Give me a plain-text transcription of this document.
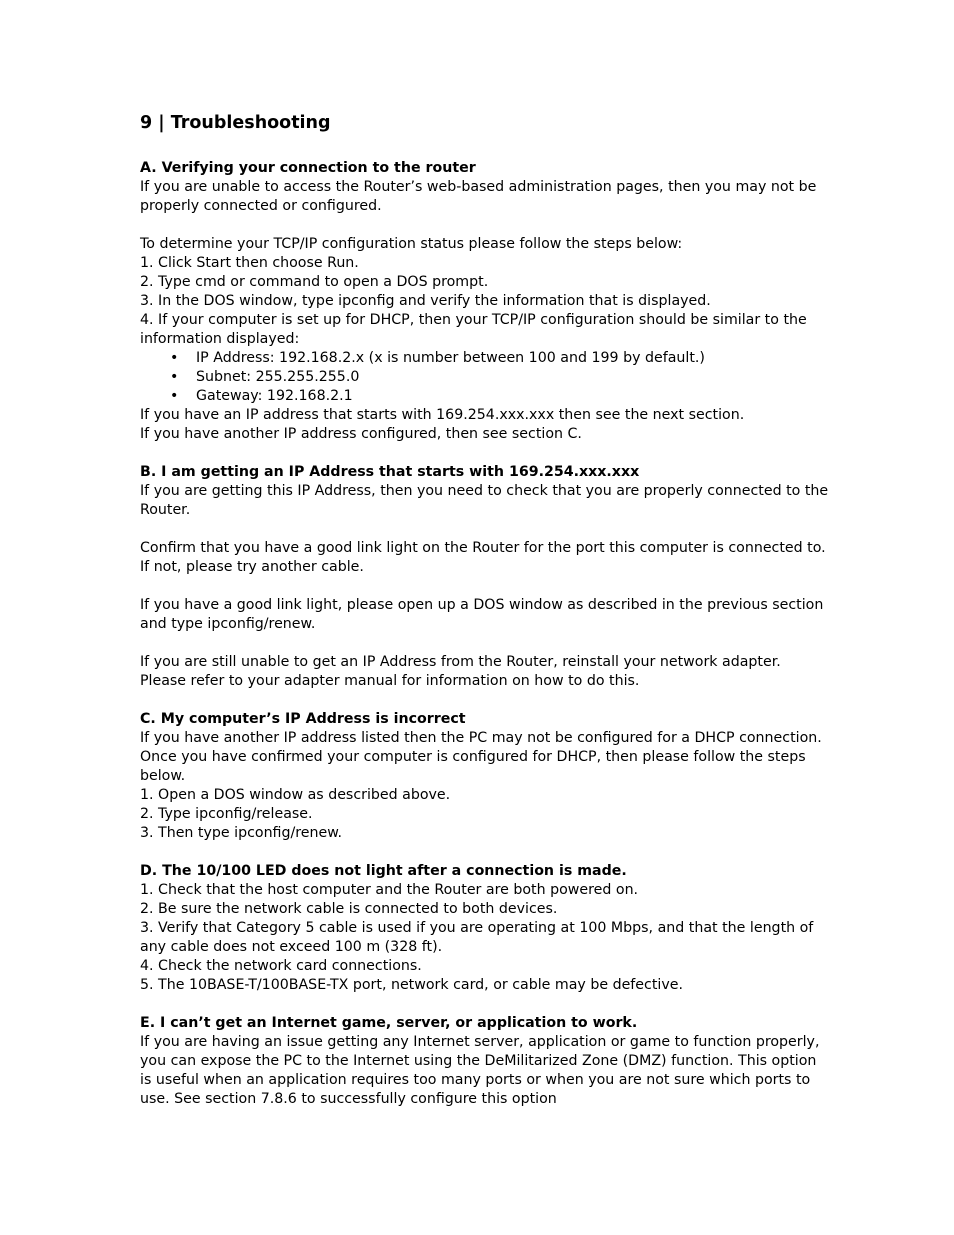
9 | Troubleshooting
A. Verifying your connection to the router

If you are unable to access the Router’s web-based administration pages, then you may not be properly connected or configured.

To determine your TCP/IP configuration status please follow the steps below:

1. Click Start then choose Run.
2. Type cmd or command to open a DOS prompt.
3. In the DOS window, type ipconfig and verify the information that is displayed.
4. If your computer is set up for DHCP, then your TCP/IP configuration should be similar to the information displayed:
• IP Address: 192.168.2.x (x is number between 100 and 199 by default.)
• Subnet: 255.255.255.0
• Gateway: 192.168.2.1

If you have an IP address that starts with 169.254.xxx.xxx then see the next section.

If you have another IP address configured, then see section C.

B. I am getting an IP Address that starts with 169.254.xxx.xxx

If you are getting this IP Address, then you need to check that you are properly connected to the Router.

Confirm that you have a good link light on the Router for the port this computer is connected to. If not, please try another cable.

If you have a good link light, please open up a DOS window as described in the previous section and type ipconfig/renew.

If you are still unable to get an IP Address from the Router, reinstall your network adapter. Please refer to your adapter manual for information on how to do this.

C. My computer’s IP Address is incorrect

If you have another IP address listed then the PC may not be configured for a DHCP connection. Once you have confirmed your computer is configured for DHCP, then please follow the steps below.

1. Open a DOS window as described above.
2. Type ipconfig/release.
3. Then type ipconfig/renew.
D. The 10/100 LED does not light after a connection is made.
1. Check that the host computer and the Router are both powered on.
2. Be sure the network cable is connected to both devices.
3. Verify that Category 5 cable is used if you are operating at 100 Mbps, and that the length of any cable does not exceed 100 m (328 ft).
4. Check the network card connections.
5. The 10BASE-T/100BASE-TX port, network card, or cable may be defective.
E. I can’t get an Internet game, server, or application to work.

If you are having an issue getting any Internet server, application or game to function properly, you can expose the PC to the Internet using the DeMilitarized Zone (DMZ) function. This option is useful when an application requires too many ports or when you are not sure which ports to use. See section 7.8.6 to successfully configure this option
